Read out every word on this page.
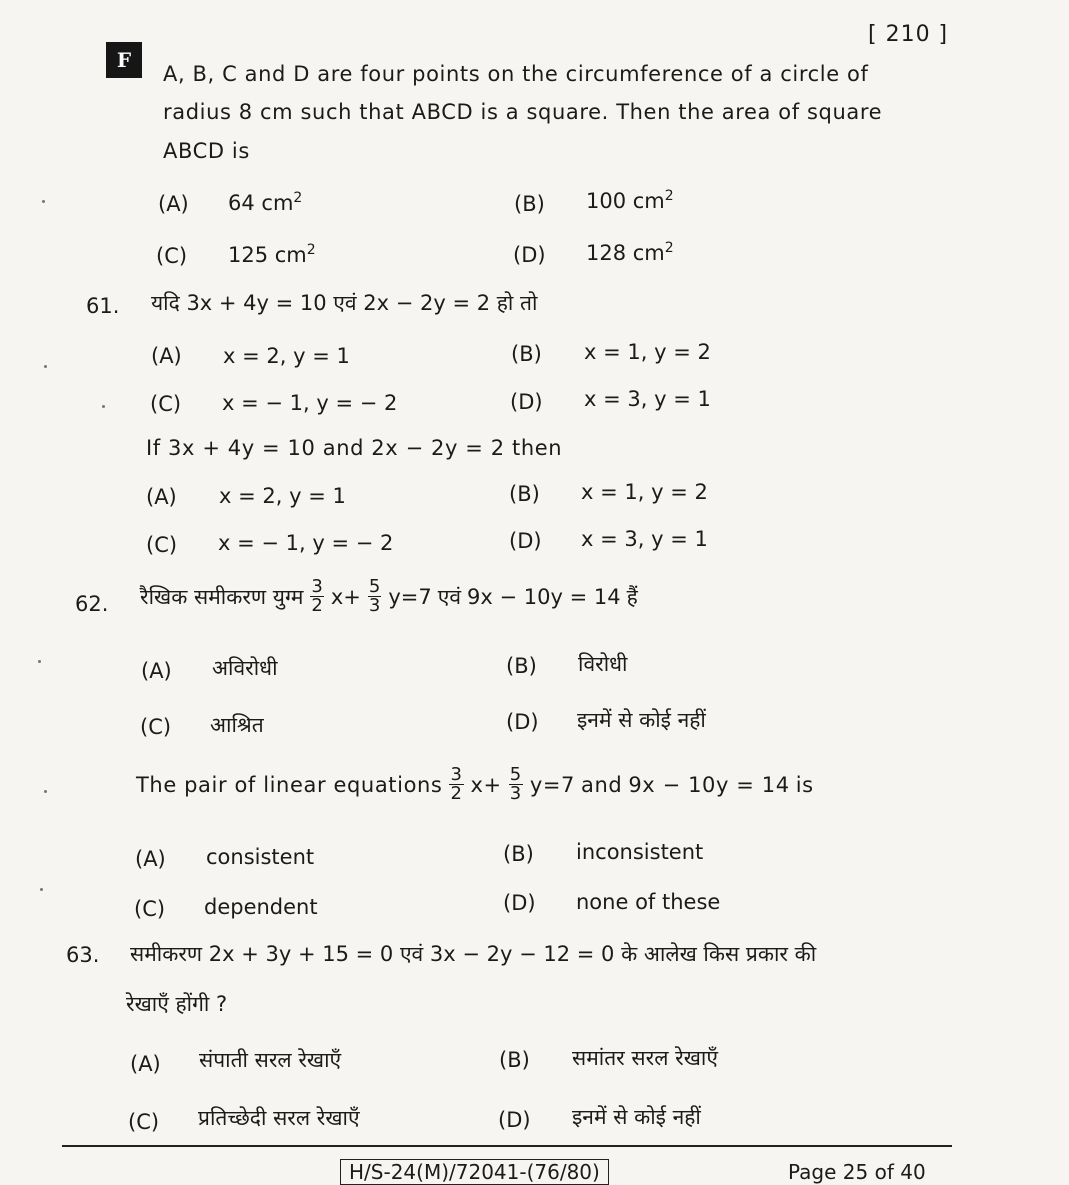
[ 210 ]
F
A, B, C and D are four points on the circumference of a circle of
radius 8 cm such that ABCD is a square. Then the area of square
ABCD is
(A) 64 $cm^2$	(B) 100 $cm^2$
(C) 125 $cm^2$	(D) 128 $cm^2$
61. यदि 3x + 4y = 10 एवं 2x − 2y = 2 हो तो
(A) x = 2, y = 1	(B) x = 1, y = 2
(C) x = − 1, y = − 2	(D) x = 3, y = 1
If 3x + 4y = 10 and 2x − 2y = 2 then
(A) x = 2, y = 1	(B) x = 1, y = 2
(C) x = − 1, y = − 2	(D) x = 3, y = 1
62. रैखिक समीकरण युग्म $\frac{3}{2} x+ \frac{5}{3} y=7$ एवं 9x − 10y = 14 हैं
(A) अविरोधी	(B) विरोधी
(C) आश्रित	(D) इनमें से कोई नहीं
The pair of linear equations $\frac{3}{2} x+ \frac{5}{3} y=7$ and 9x − 10y = 14 is
(A) consistent	(B) inconsistent
(C) dependent	(D) none of these
63. समीकरण 2x + 3y + 15 = 0 एवं 3x − 2y − 12 = 0 के आलेख किस प्रकार की
रेखाएँ होंगी ?
(A) संपाती सरल रेखाएँ	(B) समांतर सरल रेखाएँ
(C) प्रतिच्छेदी सरल रेखाएँ	(D) इनमें से कोई नहीं
H/S-24(M)/72041-(76/80)	Page 25 of 40
